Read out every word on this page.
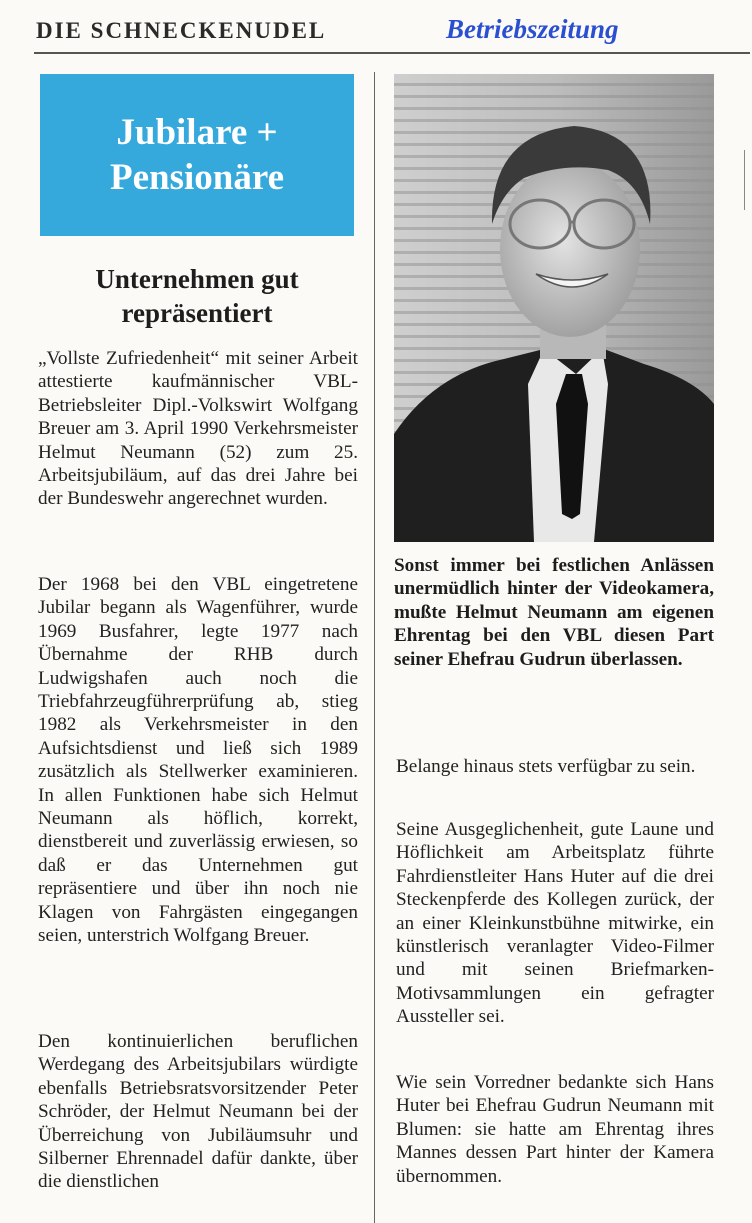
DIE SCHNECKENUDEL	Betriebszeitung
Jubilare +
Pensionäre
Unternehmen gut repräsentiert

„Vollste Zufriedenheit“ mit seiner Arbeit attestierte kaufmännischer VBL-Betriebsleiter Dipl.-Volkswirt Wolfgang Breuer am 3. April 1990 Verkehrsmeister Helmut Neumann (52) zum 25. Arbeitsjubiläum, auf das drei Jahre bei der Bundeswehr angerechnet wurden.

Der 1968 bei den VBL eingetretene Jubilar begann als Wagenführer, wurde 1969 Busfahrer, legte 1977 nach Übernahme der RHB durch Ludwigshafen auch noch die Triebfahrzeugführerprüfung ab, stieg 1982 als Verkehrsmeister in den Aufsichtsdienst und ließ sich 1989 zusätzlich als Stellwerker examinieren. In allen Funktionen habe sich Helmut Neumann als höflich, korrekt, dienstbereit und zuverlässig erwiesen, so daß er das Unternehmen gut repräsentiere und über ihn noch nie Klagen von Fahrgästen eingegangen seien, unterstrich Wolfgang Breuer.

Den kontinuierlichen beruflichen Werdegang des Arbeitsjubilars würdigte ebenfalls Betriebsratsvorsitzender Peter Schröder, der Helmut Neumann bei der Überreichung von Jubiläumsuhr und Silberner Ehrennadel dafür dankte, über die dienstlichen

Sonst immer bei festlichen Anlässen unermüdlich hinter der Videokamera, mußte Helmut Neumann am eigenen Ehrentag bei den VBL diesen Part seiner Ehefrau Gudrun überlassen.

Belange hinaus stets verfügbar zu sein.

Seine Ausgeglichenheit, gute Laune und Höflichkeit am Arbeitsplatz führte Fahrdienstleiter Hans Huter auf die drei Steckenpferde des Kollegen zurück, der an einer Kleinkunstbühne mitwirke, ein künstlerisch veranlagter Video-Filmer und mit seinen Briefmarken-Motivsammlungen ein gefragter Aussteller sei.

Wie sein Vorredner bedankte sich Hans Huter bei Ehefrau Gudrun Neumann mit Blumen: sie hatte am Ehrentag ihres Mannes dessen Part hinter der Kamera übernommen.
